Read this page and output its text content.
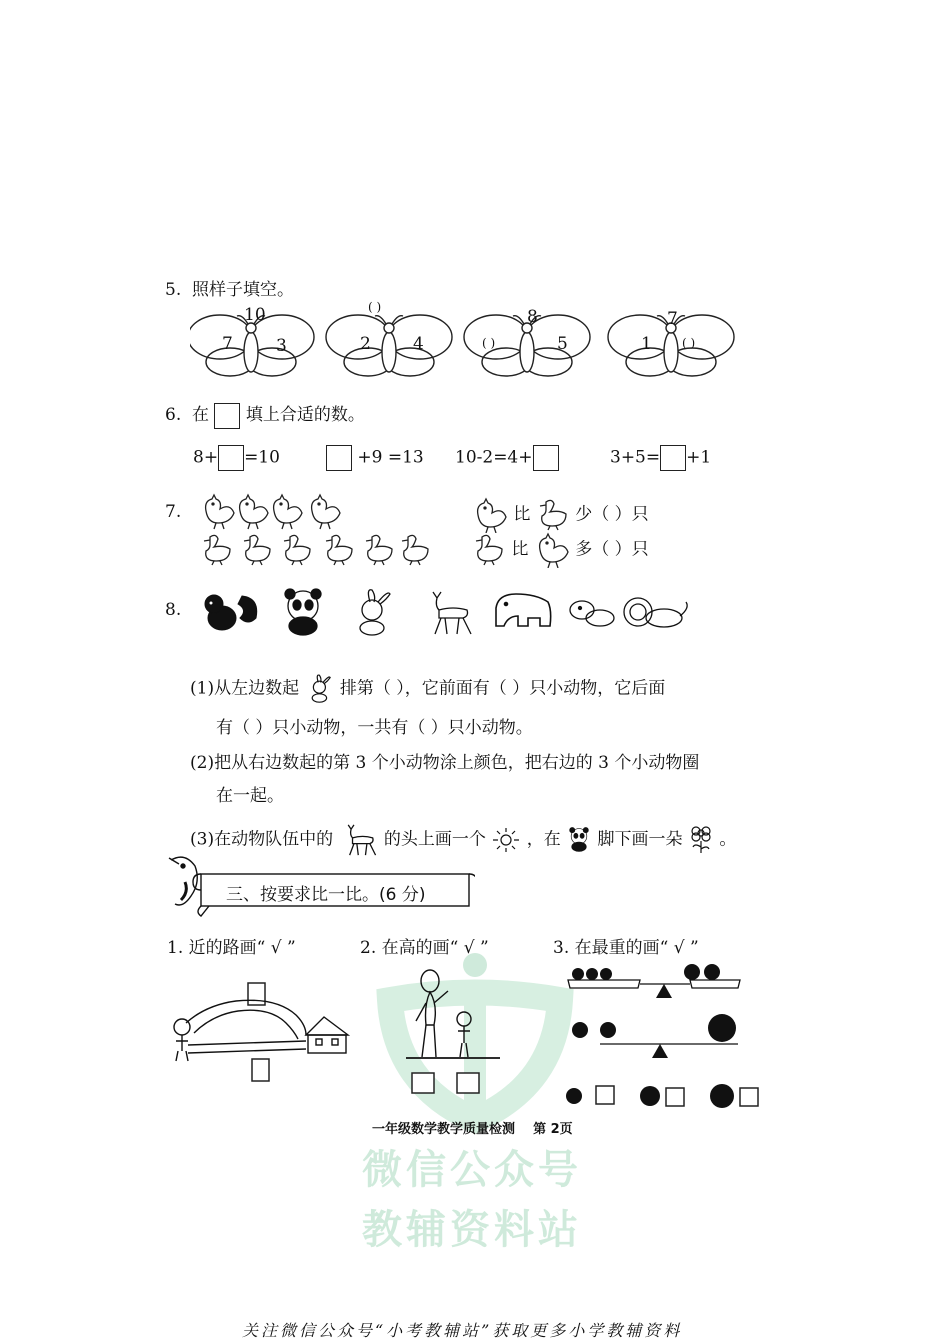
微信公众号
教辅资料站
5. 照样子填空。
10
7	3
( )
2 4
8
( )	5
7
1	( )
6. 在 填上合适的数。
8+ =10	+9 =13 10-2=4+	3+5= +1
7.	比	少（ ）只
比	多（ ）只
8.
(1)从左边数起 排第（ ），它前面有（ ）只小动物，它后面
有（ ）只小动物，一共有（ ）只小动物。
(2)把从右边数起的第 3 个小动物涂上颜色，把右边的 3 个小动物圈
在一起。
(3)在动物队伍中的	的头上画一个 ，在 脚下画一朵 。
三、按要求比一比。(6 分)
1. 近的路画“ √ ”	2. 在高的画“ √ ”	3. 在最重的画“ √ ”
一年级数学教学质量检测    第 2页
关注微信公众号“小考教辅站”获取更多小学教辅资料
